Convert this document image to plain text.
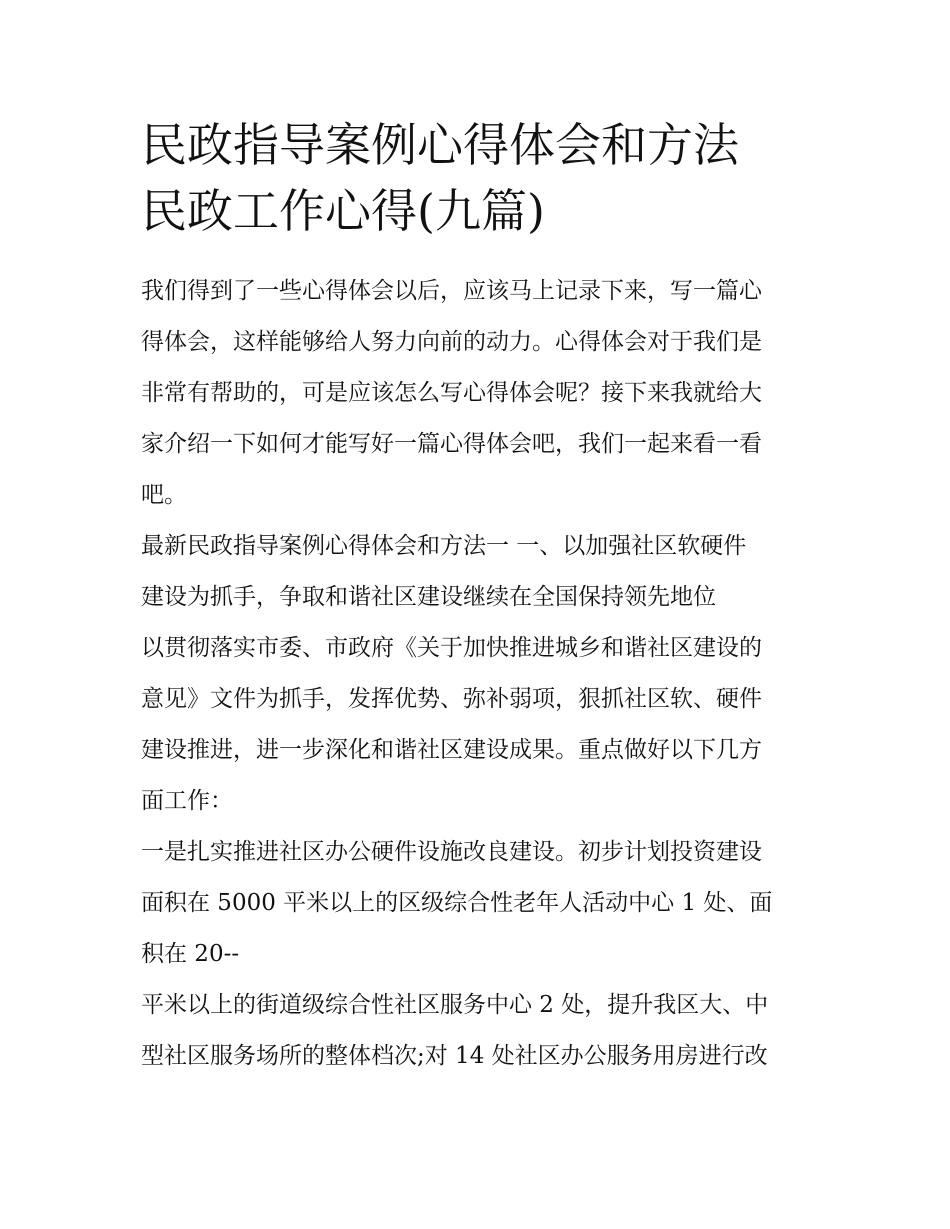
民政指导案例心得体会和方法
民政工作心得(九篇)

我们得到了一些心得体会以后，应该马上记录下来，写一篇心
得体会，这样能够给人努力向前的动力。心得体会对于我们是
非常有帮助的，可是应该怎么写心得体会呢？接下来我就给大
家介绍一下如何才能写好一篇心得体会吧，我们一起来看一看
吧。

最新民政指导案例心得体会和方法一 一、以加强社区软硬件
建设为抓手，争取和谐社区建设继续在全国保持领先地位

以贯彻落实市委、市政府《关于加快推进城乡和谐社区建设的
意见》文件为抓手，发挥优势、弥补弱项，狠抓社区软、硬件
建设推进，进一步深化和谐社区建设成果。重点做好以下几方
面工作：

一是扎实推进社区办公硬件设施改良建设。初步计划投资建设
面积在 5000 平米以上的区级综合性老年人活动中心 1 处、面
积在 20--

平米以上的街道级综合性社区服务中心 2 处，提升我区大、中
型社区服务场所的整体档次;对 14 处社区办公服务用房进行改
